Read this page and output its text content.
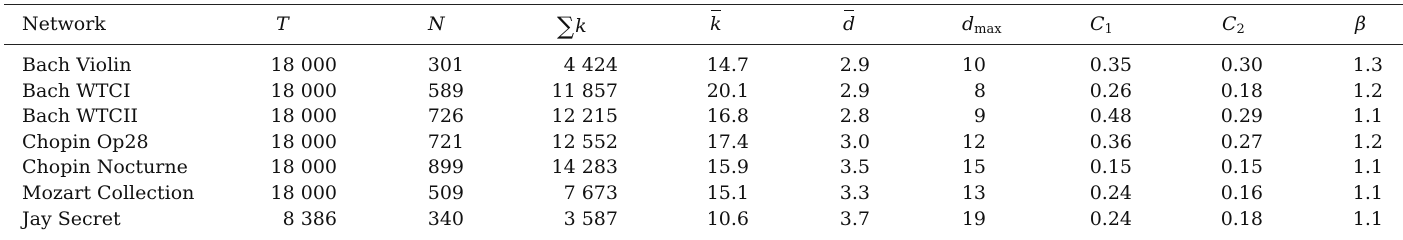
Network	T	N	∑k	k	d	$d_{max}$	$C_1$	$C_2$	β
Bach Violin	18 000	301	4 424	14.7	2.9	10	0.35	0.30	1.3
Bach WTCI	18 000	589	11 857	20.1	2.9	8	0.26	0.18	1.2
Bach WTCII	18 000	726	12 215	16.8	2.8	9	0.48	0.29	1.1
Chopin Op28	18 000	721	12 552	17.4	3.0	12	0.36	0.27	1.2
Chopin Nocturne	18 000	899	14 283	15.9	3.5	15	0.15	0.15	1.1
Mozart Collection	18 000	509	7 673	15.1	3.3	13	0.24	0.16	1.1
Jay Secret	8 386	340	3 587	10.6	3.7	19	0.24	0.18	1.1
